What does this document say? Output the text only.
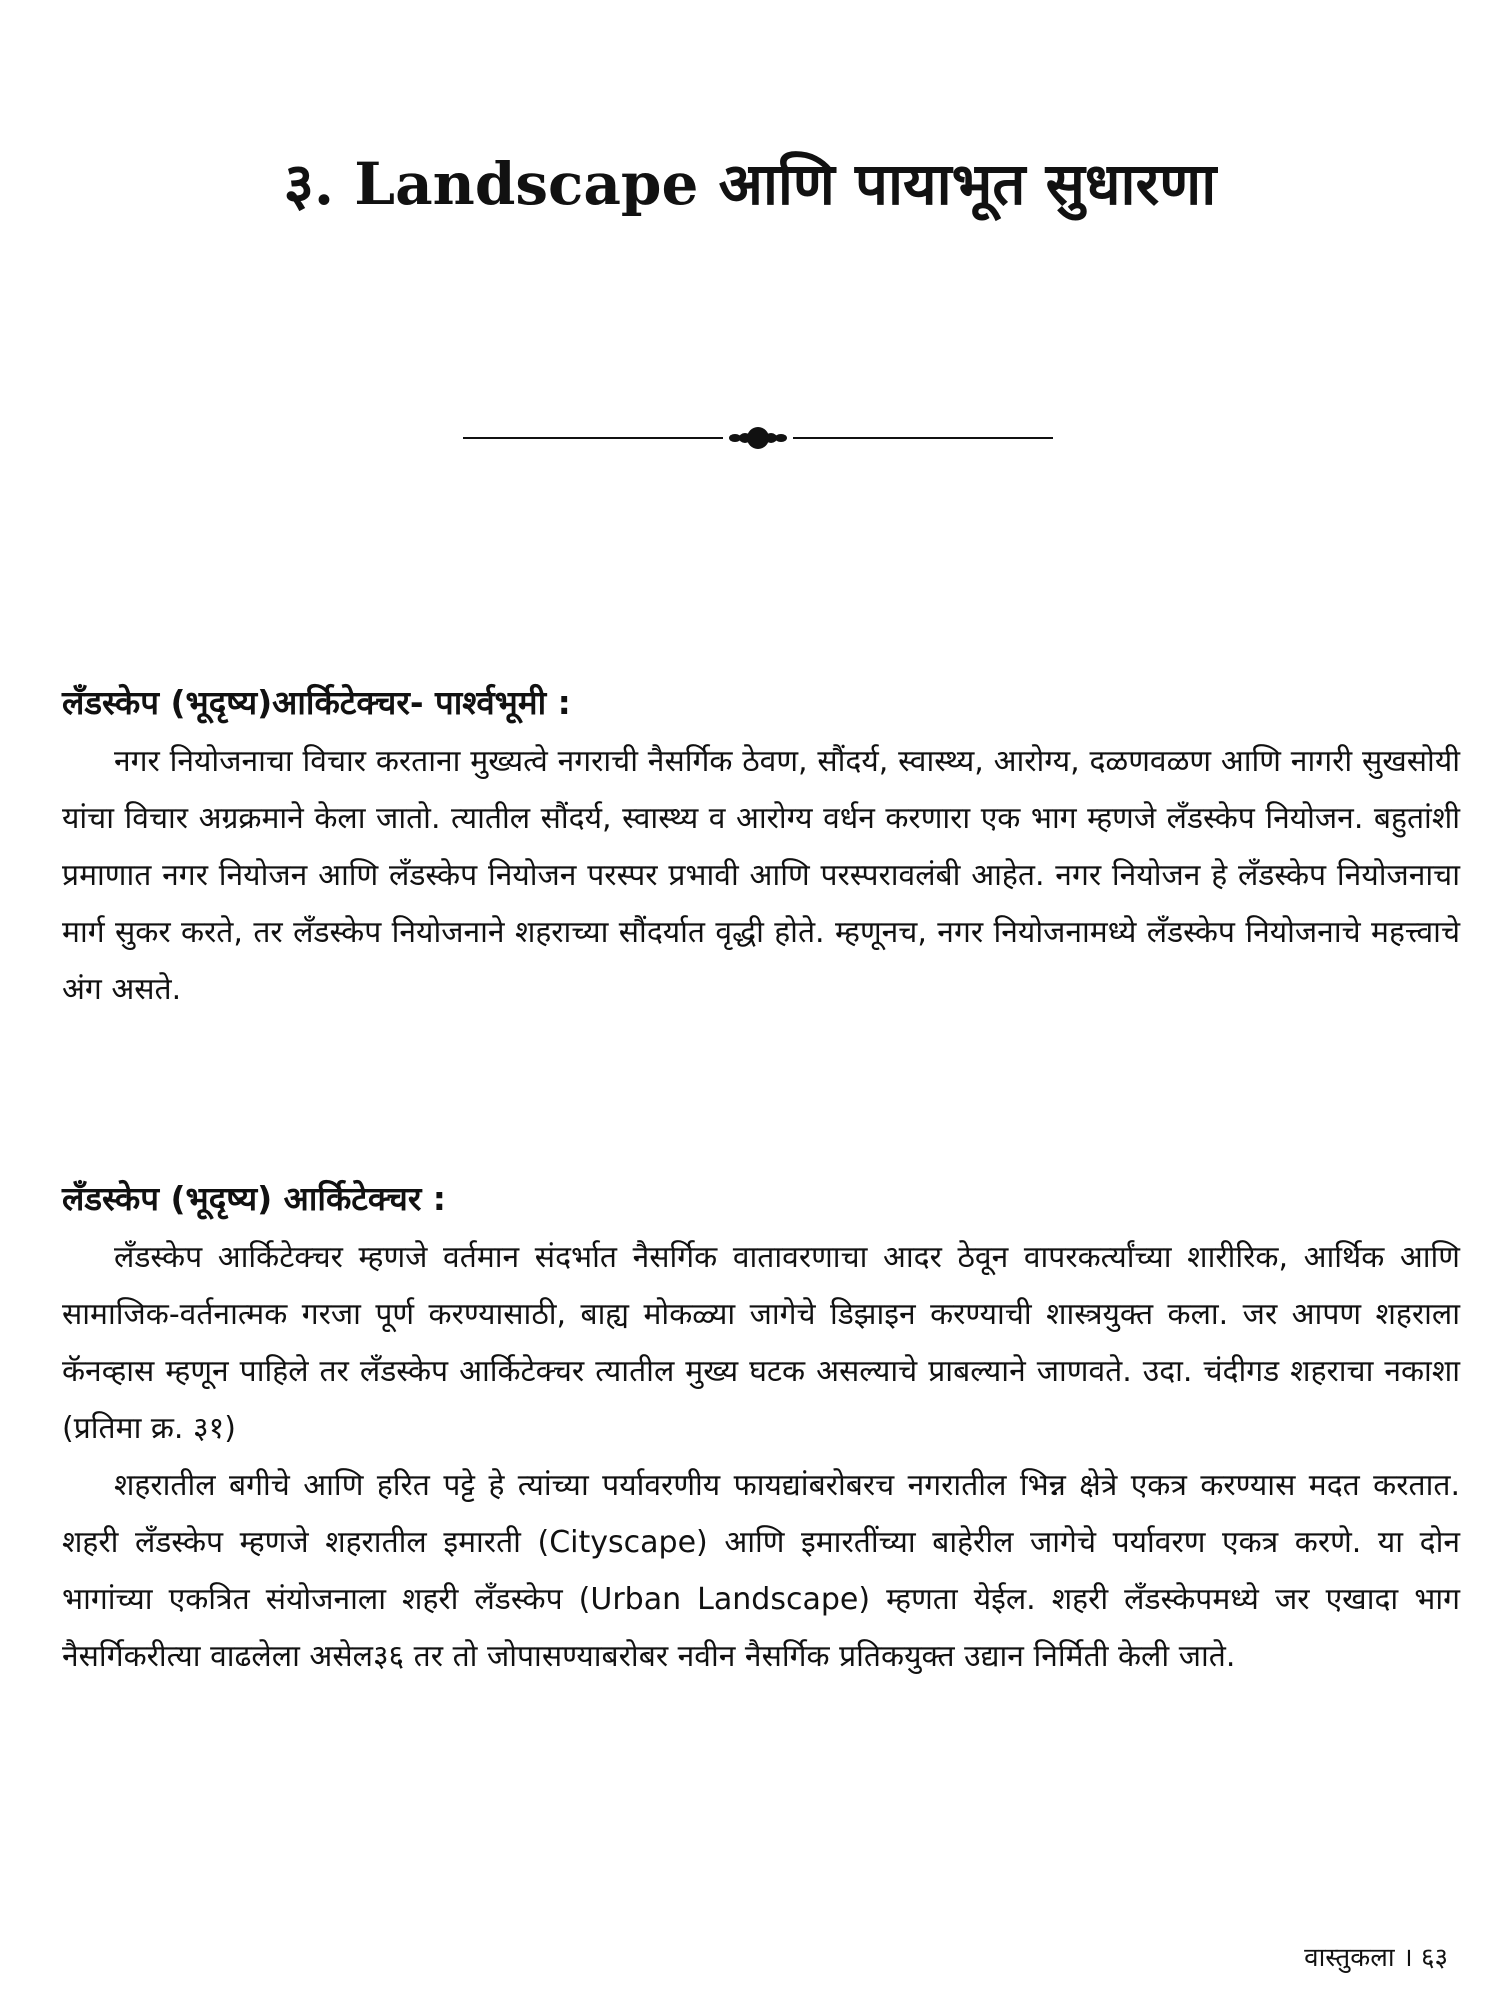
३. Landscape आणि पायाभूत सुधारणा
लँडस्केप (भूदृष्य)आर्किटेक्चर- पार्श्वभूमी :

नगर नियोजनाचा विचार करताना मुख्यत्वे नगराची नैसर्गिक ठेवण, सौंदर्य, स्वास्थ्य, आरोग्य, दळणवळण आणि नागरी सुखसोयी यांचा विचार अग्रक्रमाने केला जातो. त्यातील सौंदर्य, स्वास्थ्य व आरोग्य वर्धन करणारा एक भाग म्हणजे लँडस्केप नियोजन. बहुतांशी प्रमाणात नगर नियोजन आणि लँडस्केप नियोजन परस्पर प्रभावी आणि परस्परावलंबी आहेत. नगर नियोजन हे लँडस्केप नियोजनाचा मार्ग सुकर करते, तर लँडस्केप नियोजनाने शहराच्या सौंदर्यात वृद्धी होते. म्हणूनच, नगर नियोजनामध्ये लँडस्केप नियोजनाचे महत्त्वाचे अंग असते.

लँडस्केप (भूदृष्य) आर्किटेक्चर :

लँडस्केप आर्किटेक्चर म्हणजे वर्तमान संदर्भात नैसर्गिक वातावरणाचा आदर ठेवून वापरकर्त्यांच्या शारीरिक, आर्थिक आणि सामाजिक-वर्तनात्मक गरजा पूर्ण करण्यासाठी, बाह्य मोकळ्या जागेचे डिझाइन करण्याची शास्त्रयुक्त कला. जर आपण शहराला कॅनव्हास म्हणून पाहिले तर लँडस्केप आर्किटेक्चर त्यातील मुख्य घटक असल्याचे प्राबल्याने जाणवते. उदा. चंदीगड शहराचा नकाशा (प्रतिमा क्र. ३१)

शहरातील बगीचे आणि हरित पट्टे हे त्यांच्या पर्यावरणीय फायद्यांबरोबरच नगरातील भिन्न क्षेत्रे एकत्र करण्यास मदत करतात. शहरी लँडस्केप म्हणजे शहरातील इमारती (Cityscape) आणि इमारतींच्या बाहेरील जागेचे पर्यावरण एकत्र करणे. या दोन भागांच्या एकत्रित संयोजनाला शहरी लँडस्केप (Urban Landscape) म्हणता येईल. शहरी लँडस्केपमध्ये जर एखादा भाग नैसर्गिकरीत्या वाढलेला असेल३६ तर तो जोपासण्याबरोबर नवीन नैसर्गिक प्रतिकयुक्त उद्यान निर्मिती केली जाते.

वास्तुकला । ६३
